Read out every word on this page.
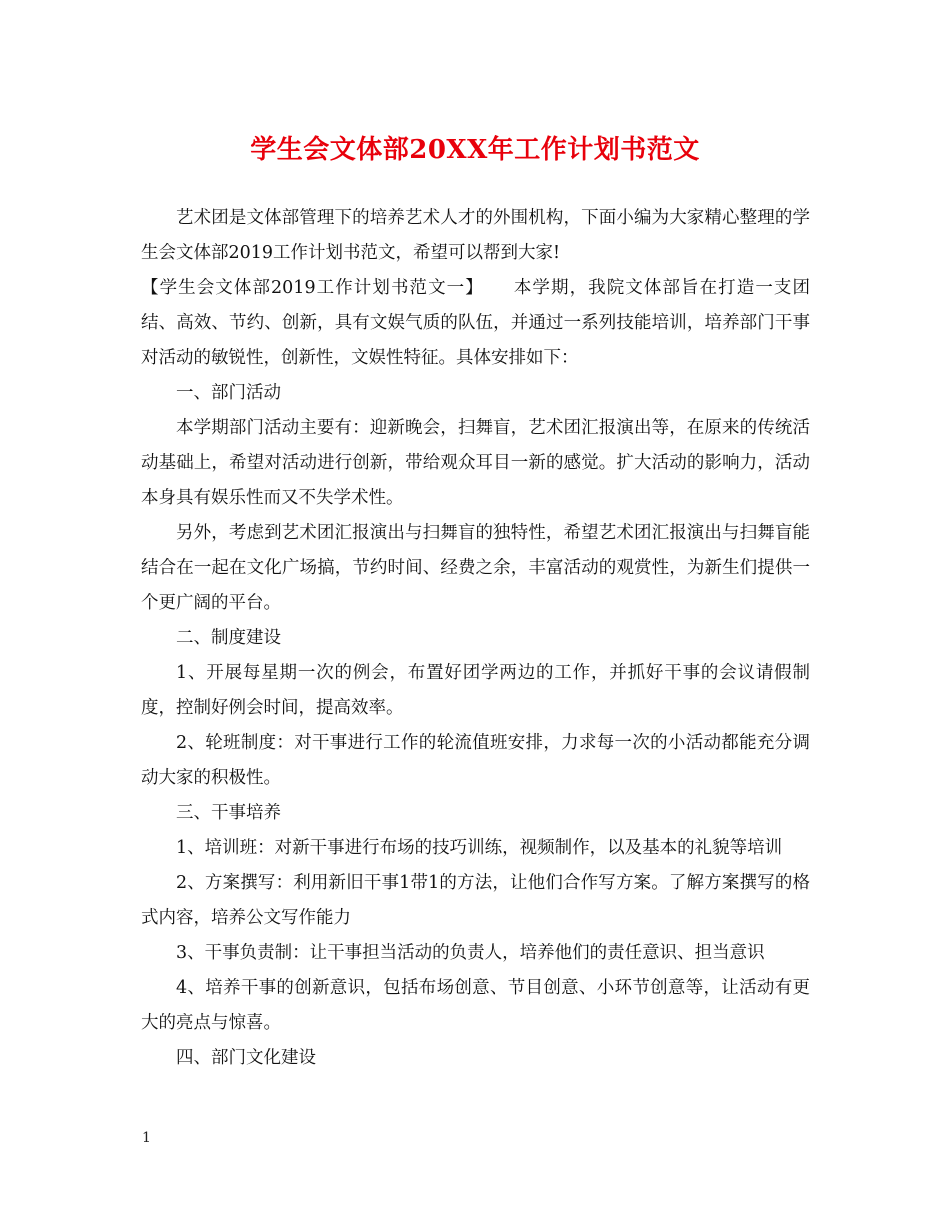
学生会文体部20XX年工作计划书范文

艺术团是文体部管理下的培养艺术人才的外围机构，下面小编为大家精心整理的学生会文体部2019工作计划书范文，希望可以帮到大家!

【学生会文体部2019工作计划书范文一】 本学期，我院文体部旨在打造一支团结、高效、节约、创新，具有文娱气质的队伍，并通过一系列技能培训，培养部门干事对活动的敏锐性，创新性，文娱性特征。具体安排如下：

一、部门活动

本学期部门活动主要有：迎新晚会，扫舞盲，艺术团汇报演出等，在原来的传统活动基础上，希望对活动进行创新，带给观众耳目一新的感觉。扩大活动的影响力，活动本身具有娱乐性而又不失学术性。

另外，考虑到艺术团汇报演出与扫舞盲的独特性，希望艺术团汇报演出与扫舞盲能结合在一起在文化广场搞，节约时间、经费之余，丰富活动的观赏性，为新生们提供一个更广阔的平台。

二、制度建设

1、开展每星期一次的例会，布置好团学两边的工作，并抓好干事的会议请假制度，控制好例会时间，提高效率。

2、轮班制度：对干事进行工作的轮流值班安排，力求每一次的小活动都能充分调动大家的积极性。

三、干事培养

1、培训班：对新干事进行布场的技巧训练，视频制作，以及基本的礼貌等培训

2、方案撰写：利用新旧干事1带1的方法，让他们合作写方案。了解方案撰写的格式内容，培养公文写作能力

3、干事负责制：让干事担当活动的负责人，培养他们的责任意识、担当意识

4、培养干事的创新意识，包括布场创意、节目创意、小环节创意等，让活动有更大的亮点与惊喜。

四、部门文化建设

1
